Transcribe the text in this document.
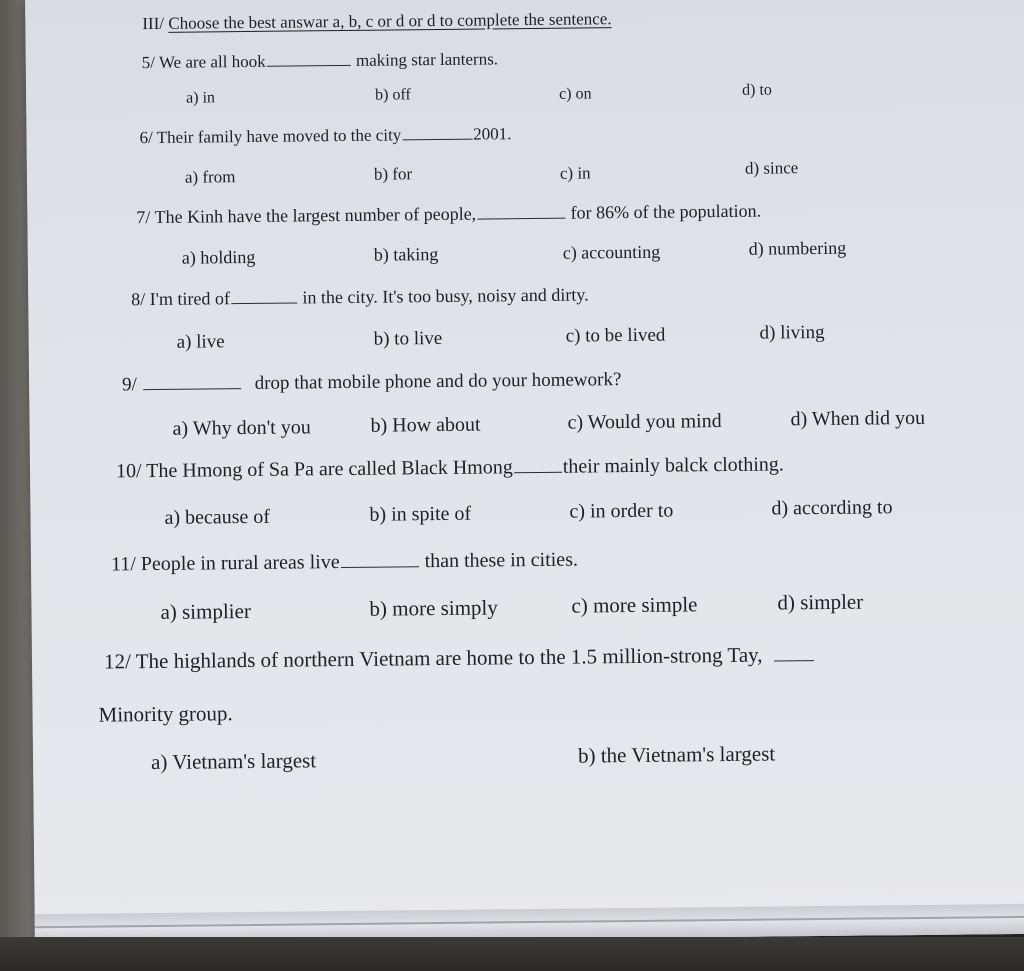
III/ Choose the best answar a, b, c or d or d to complete the sentence.
5/ We are all hook	making star lanterns.
a) in	b) off	c) on	d) to
6/ Their family have moved to the city	2001.
a) from	b) for	c) in	d) since
7/ The Kinh have the largest number of people,	for 86% of the population.
a) holding	b) taking	c) accounting	d) numbering
8/ I'm tired of	in the city. It's too busy, noisy and dirty.
a) live	b) to live	c) to be lived	d) living
9/	drop that mobile phone and do your homework?
a) Why don't you	b) How about	c) Would you mind	d) When did you
10/ The Hmong of Sa Pa are called Black Hmong their mainly balck clothing.
a) because of	b) in spite of	c) in order to	d) according to
11/ People in rural areas live	than these in cities.
a) simplier	b) more simply	c) more simple	d) simpler
12/ The highlands of northern Vietnam are home to the 1.5 million-strong Tay,
Minority group.
a) Vietnam's largest	b) the Vietnam's largest
